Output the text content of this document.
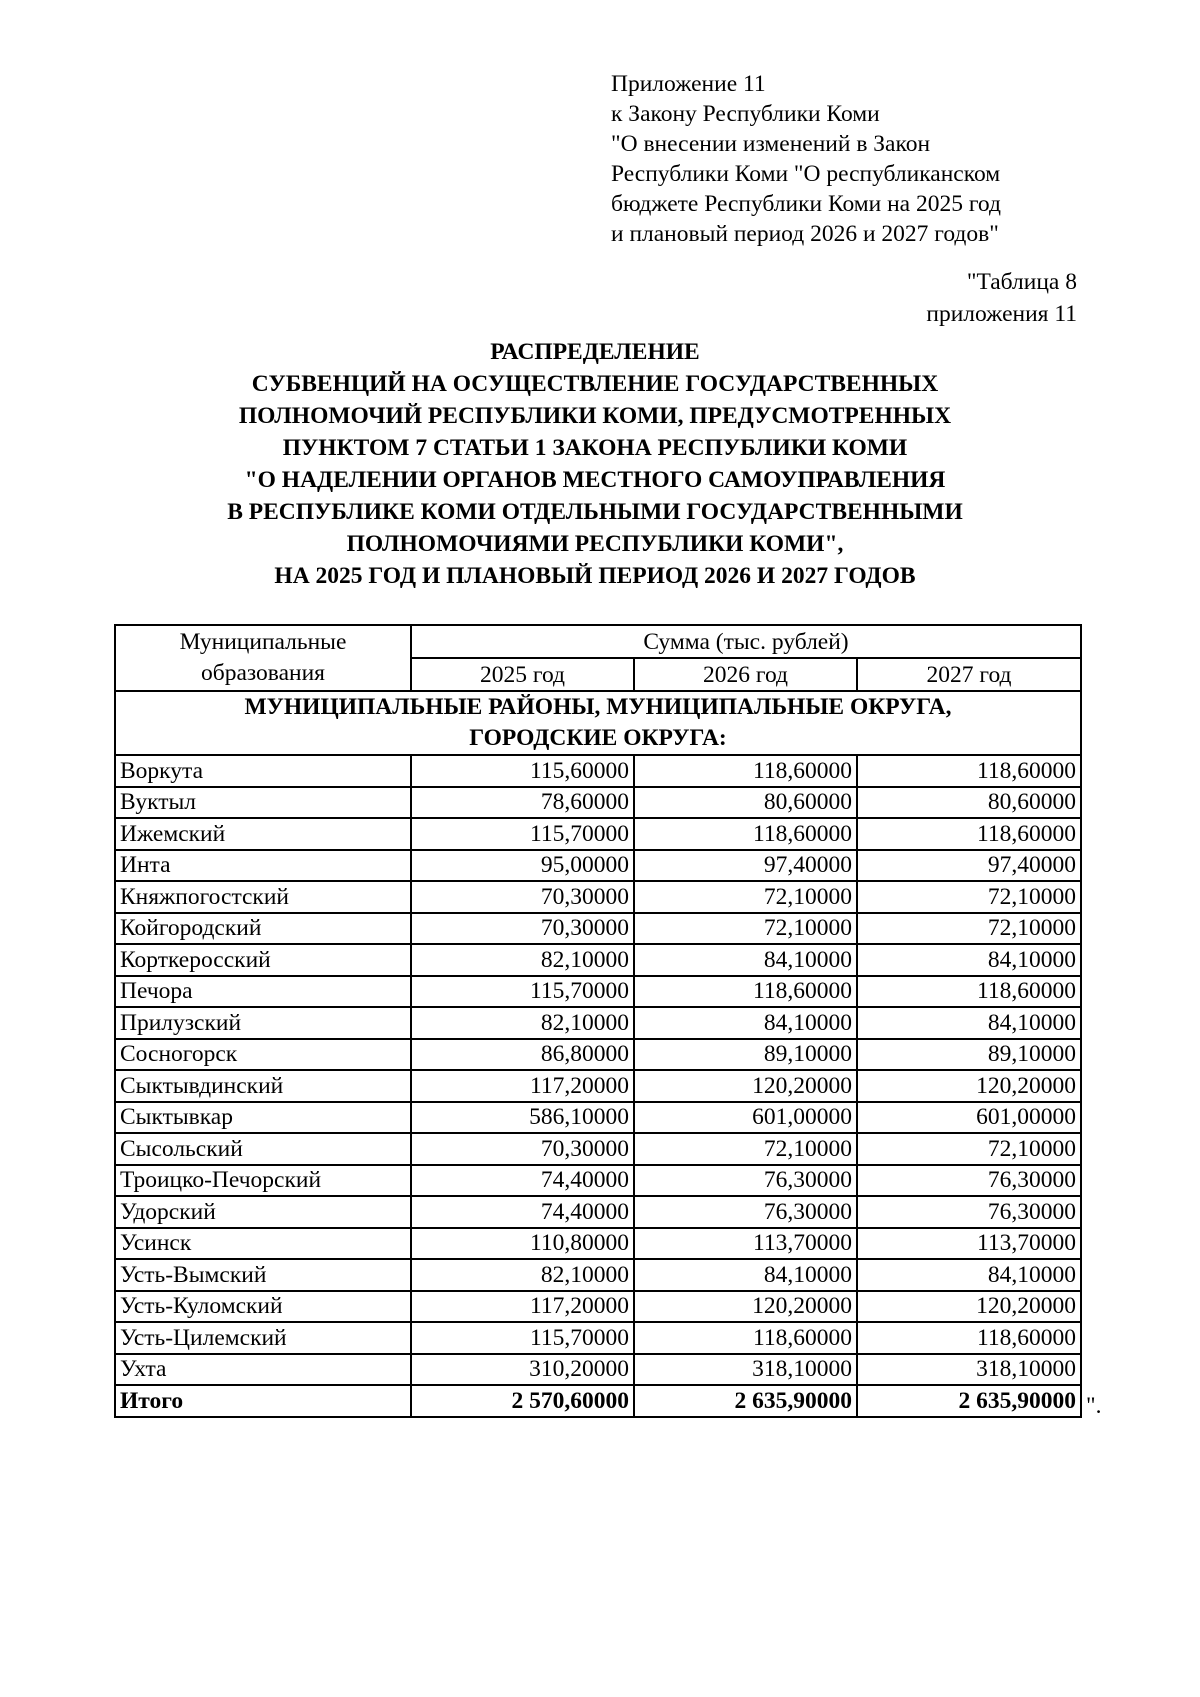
Приложение 11
к Закону Республики Коми
"О внесении изменений в Закон
Республики Коми "О республиканском
бюджете Республики Коми на 2025 год
и плановый период 2026 и 2027 годов"
"Таблица 8
приложения 11
РАСПРЕДЕЛЕНИЕ
СУБВЕНЦИЙ НА ОСУЩЕСТВЛЕНИЕ ГОСУДАРСТВЕННЫХ
ПОЛНОМОЧИЙ РЕСПУБЛИКИ КОМИ, ПРЕДУСМОТРЕННЫХ
ПУНКТОМ 7 СТАТЬИ 1 ЗАКОНА РЕСПУБЛИКИ КОМИ
"О НАДЕЛЕНИИ ОРГАНОВ МЕСТНОГО САМОУПРАВЛЕНИЯ
В РЕСПУБЛИКЕ КОМИ ОТДЕЛЬНЫМИ ГОСУДАРСТВЕННЫМИ
ПОЛНОМОЧИЯМИ РЕСПУБЛИКИ КОМИ",
НА 2025 ГОД И ПЛАНОВЫЙ ПЕРИОД 2026 И 2027 ГОДОВ
Муниципальные образования	Сумма (тыс. рублей)		
	2025 год	2026 год	2027 год

МУНИЦИПАЛЬНЫЕ РАЙОНЫ, МУНИЦИПАЛЬНЫЕ ОКРУГА,
ГОРОДСКИЕ ОКРУГА:			

Воркута	115,60000	118,60000	118,60000
Вуктыл	78,60000	80,60000	80,60000
Ижемский	115,70000	118,60000	118,60000
Инта	95,00000	97,40000	97,40000
Княжпогостский	70,30000	72,10000	72,10000
Койгородский	70,30000	72,10000	72,10000
Корткеросский	82,10000	84,10000	84,10000
Печора	115,70000	118,60000	118,60000
Прилузский	82,10000	84,10000	84,10000
Сосногорск	86,80000	89,10000	89,10000
Сыктывдинский	117,20000	120,20000	120,20000
Сыктывкар	586,10000	601,00000	601,00000
Сысольский	70,30000	72,10000	72,10000
Троицко-Печорский	74,40000	76,30000	76,30000
Удорский	74,40000	76,30000	76,30000
Усинск	110,80000	113,70000	113,70000
Усть-Вымский	82,10000	84,10000	84,10000
Усть-Куломский	117,20000	120,20000	120,20000
Усть-Цилемский	115,70000	118,60000	118,60000
Ухта	310,20000	318,10000	318,10000
Итого	2 570,60000	2 635,90000	2 635,90000 ".
